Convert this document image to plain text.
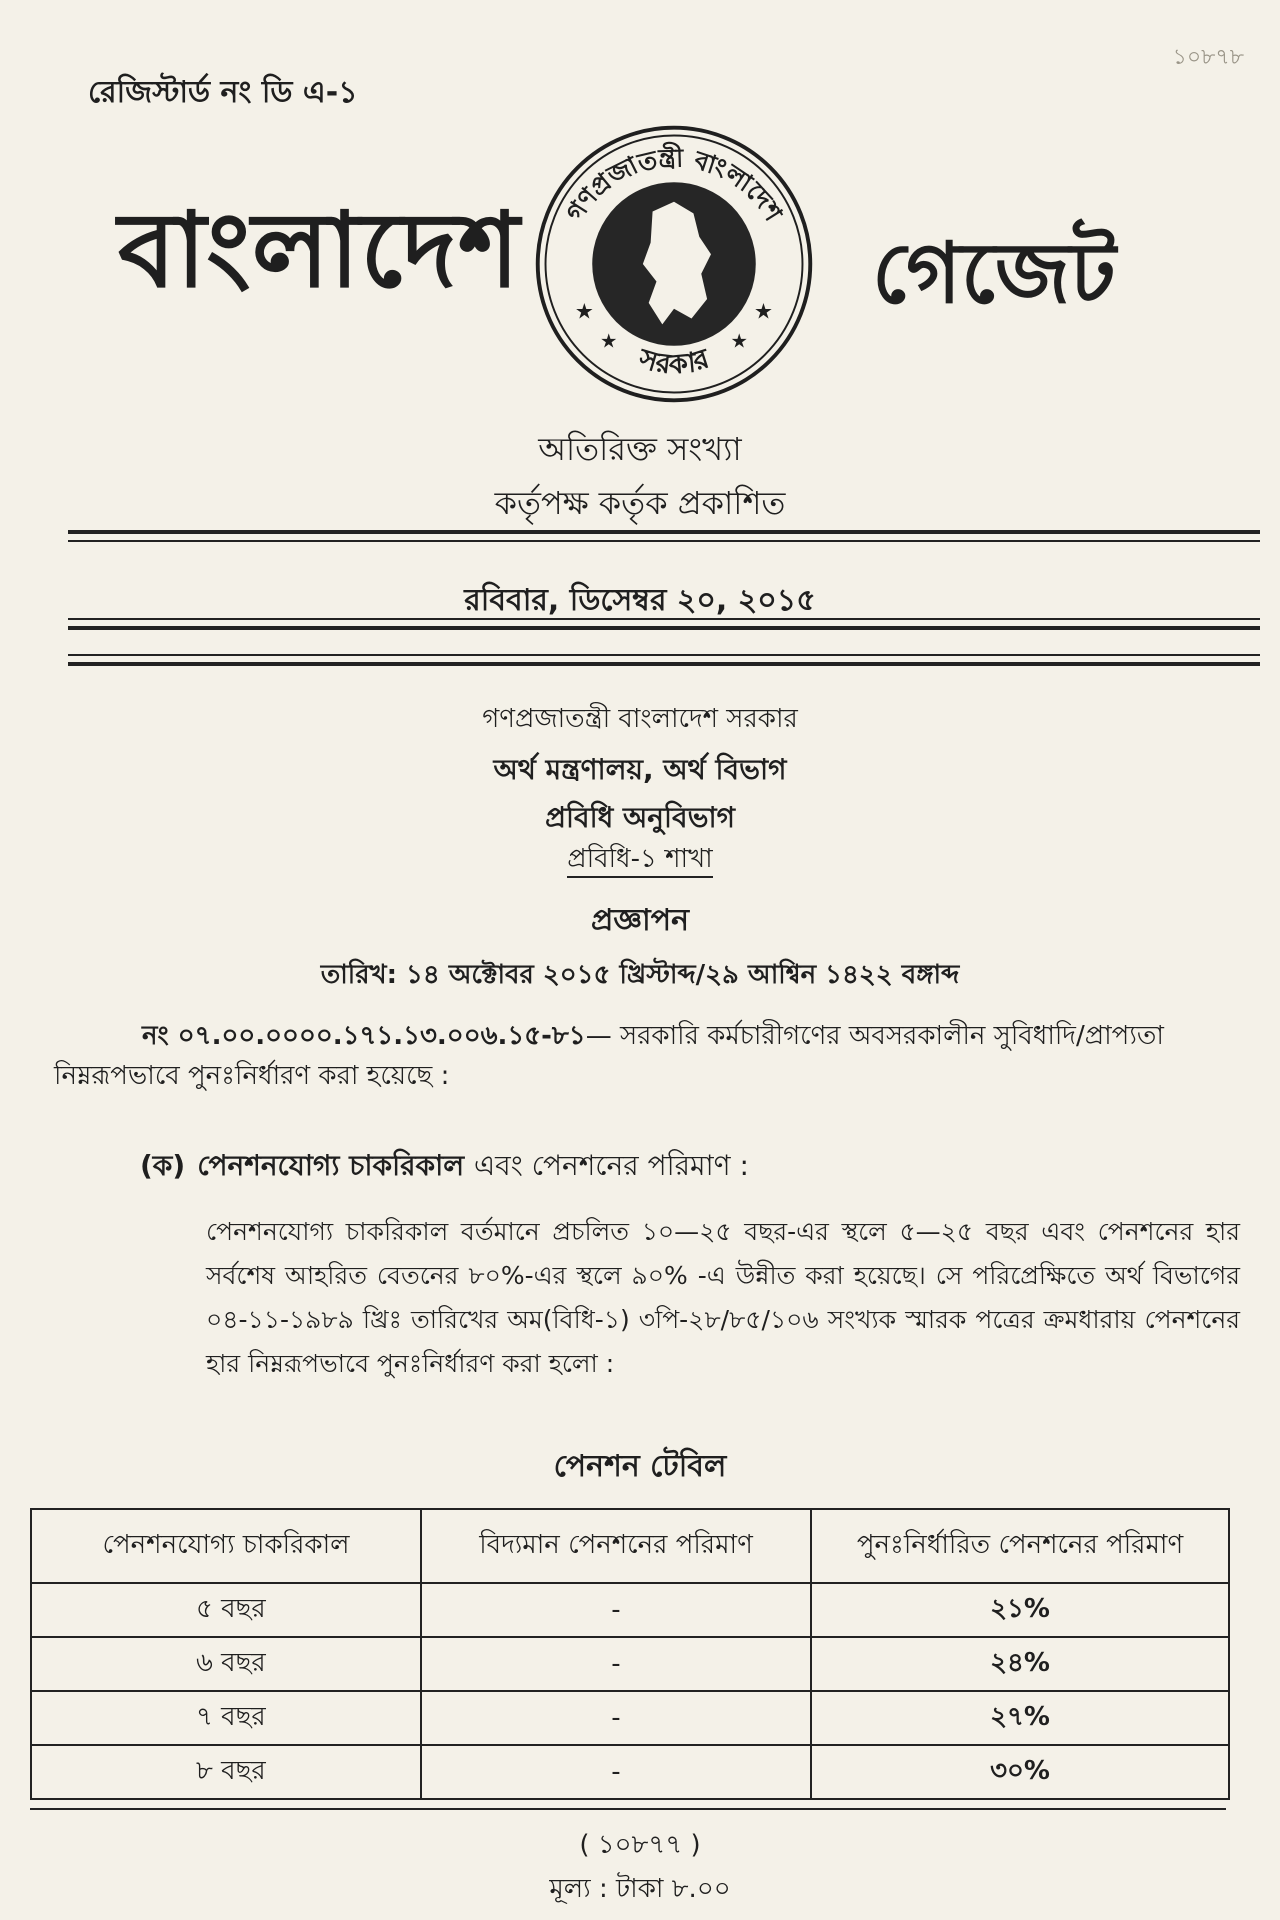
১০৮৭৮
রেজিস্টার্ড নং ডি এ-১
বাংলাদেশ	গেজেট
গণপ্রজাতন্ত্রী বাংলাদেশ
সরকার
★
★
★
★
অতিরিক্ত সংখ্যা
কর্তৃপক্ষ কর্তৃক প্রকাশিত
রবিবার, ডিসেম্বর ২০, ২০১৫
গণপ্রজাতন্ত্রী বাংলাদেশ সরকার
অর্থ মন্ত্রণালয়, অর্থ বিভাগ
প্রবিধি অনুবিভাগ
প্রবিধি-১ শাখা
প্রজ্ঞাপন
তারিখ: ১৪ অক্টোবর ২০১৫ খ্রিস্টাব্দ/২৯ আশ্বিন ১৪২২ বঙ্গাব্দ
নং ০৭.০০.০০০০.১৭১.১৩.০০৬.১৫-৮১— সরকারি কর্মচারীগণের অবসরকালীন সুবিধাদি/প্রাপ্যতা নিম্নরূপভাবে পুনঃনির্ধারণ করা হয়েছে :
(ক) পেনশনযোগ্য চাকরিকাল এবং পেনশনের পরিমাণ :
পেনশনযোগ্য চাকরিকাল বর্তমানে প্রচলিত ১০—২৫ বছর-এর স্থলে ৫—২৫ বছর এবং পেনশনের হার সর্বশেষ আহরিত বেতনের ৮০%-এর স্থলে ৯০% -এ উন্নীত করা হয়েছে। সে পরিপ্রেক্ষিতে অর্থ বিভাগের ০৪-১১-১৯৮৯ খ্রিঃ তারিখের অম(বিধি-১) ৩পি-২৮/৮৫/১০৬ সংখ্যক স্মারক পত্রের ক্রমধারায় পেনশনের হার নিম্নরূপভাবে পুনঃনির্ধারণ করা হলো :
পেনশন টেবিল
পেনশনযোগ্য চাকরিকাল	বিদ্যমান পেনশনের পরিমাণ	পুনঃনির্ধারিত পেনশনের পরিমাণ
৫ বছর	-	২১%
৬ বছর	-	২৪%
৭ বছর	-	২৭%
৮ বছর	-	৩০%
( ১০৮৭৭ )
মূল্য : টাকা ৮.০০
